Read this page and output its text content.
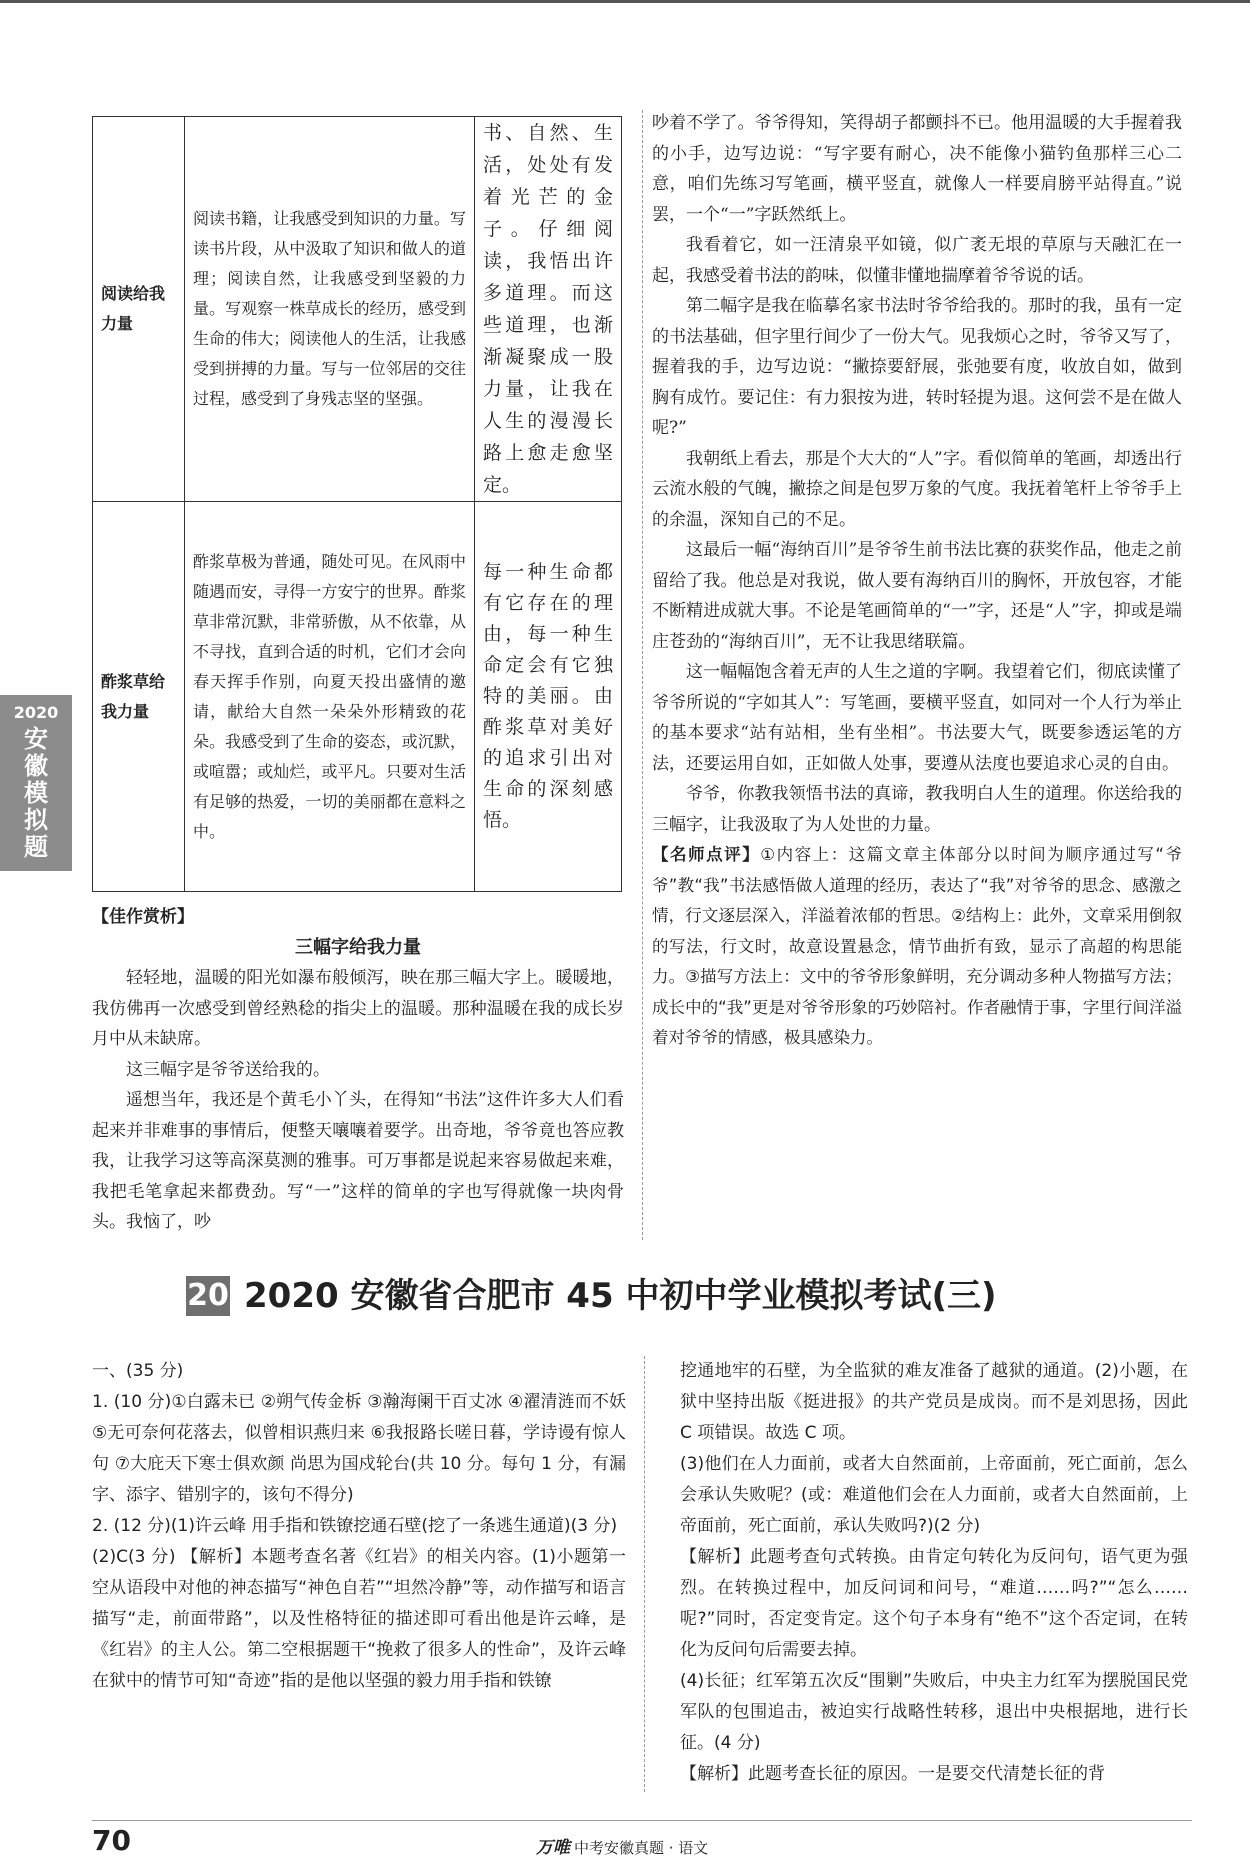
2020
安徽模拟题
阅读给我力量	阅读书籍，让我感受到知识的力量。写读书片段，从中汲取了知识和做人的道理；阅读自然，让我感受到坚毅的力量。写观察一株草成长的经历，感受到生命的伟大；阅读他人的生活，让我感受到拼搏的力量。写与一位邻居的交往过程，感受到了身残志坚的坚强。	书、自然、生活，处处有发着光芒的金子。仔细阅读，我悟出许多道理。而这些道理，也渐渐凝聚成一股力量，让我在人生的漫漫长路上愈走愈坚定。
酢浆草给我力量	酢浆草极为普通，随处可见。在风雨中随遇而安，寻得一方安宁的世界。酢浆草非常沉默，非常骄傲，从不依靠，从不寻找，直到合适的时机，它们才会向春天挥手作别，向夏天投出盛情的邀请，献给大自然一朵朵外形精致的花朵。我感受到了生命的姿态，或沉默，或喧嚣；或灿烂，或平凡。只要对生活有足够的热爱，一切的美丽都在意料之中。	每一种生命都有它存在的理由，每一种生命定会有它独特的美丽。由酢浆草对美好的追求引出对生命的深刻感悟。
【佳作赏析】
三幅字给我力量

轻轻地，温暖的阳光如瀑布般倾泻，映在那三幅大字上。暖暖地，我仿佛再一次感受到曾经熟稔的指尖上的温暖。那种温暖在我的成长岁月中从未缺席。

这三幅字是爷爷送给我的。

遥想当年，我还是个黄毛小丫头，在得知“书法”这件许多大人们看起来并非难事的事情后，便整天嚷嚷着要学。出奇地，爷爷竟也答应教我，让我学习这等高深莫测的雅事。可万事都是说起来容易做起来难，我把毛笔拿起来都费劲。写“一”这样的简单的字也写得就像一块肉骨头。我恼了，吵

吵着不学了。爷爷得知，笑得胡子都颤抖不已。他用温暖的大手握着我的小手，边写边说：“写字要有耐心，决不能像小猫钓鱼那样三心二意，咱们先练习写笔画，横平竖直，就像人一样要肩膀平站得直。”说罢，一个“一”字跃然纸上。

我看着它，如一汪清泉平如镜，似广袤无垠的草原与天融汇在一起，我感受着书法的韵味，似懂非懂地揣摩着爷爷说的话。

第二幅字是我在临摹名家书法时爷爷给我的。那时的我，虽有一定的书法基础，但字里行间少了一份大气。见我烦心之时，爷爷又写了，握着我的手，边写边说：“撇捺要舒展，张弛要有度，收放自如，做到胸有成竹。要记住：有力狠按为进，转时轻提为退。这何尝不是在做人呢?”

我朝纸上看去，那是个大大的“人”字。看似简单的笔画，却透出行云流水般的气魄，撇捺之间是包罗万象的气度。我抚着笔杆上爷爷手上的余温，深知自己的不足。

这最后一幅“海纳百川”是爷爷生前书法比赛的获奖作品，他走之前留给了我。他总是对我说，做人要有海纳百川的胸怀，开放包容，才能不断精进成就大事。不论是笔画简单的“一”字，还是“人”字，抑或是端庄苍劲的“海纳百川”，无不让我思绪联篇。

这一幅幅饱含着无声的人生之道的字啊。我望着它们，彻底读懂了爷爷所说的“字如其人”：写笔画，要横平竖直，如同对一个人行为举止的基本要求“站有站相，坐有坐相”。书法要大气，既要参透运笔的方法，还要运用自如，正如做人处事，要遵从法度也要追求心灵的自由。

爷爷，你教我领悟书法的真谛，教我明白人生的道理。你送给我的三幅字，让我汲取了为人处世的力量。

【名师点评】①内容上：这篇文章主体部分以时间为顺序通过写“爷爷”教“我”书法感悟做人道理的经历，表达了“我”对爷爷的思念、感激之情，行文逐层深入，洋溢着浓郁的哲思。②结构上：此外，文章采用倒叙的写法，行文时，故意设置悬念，情节曲折有致，显示了高超的构思能力。③描写方法上：文中的爷爷形象鲜明，充分调动多种人物描写方法；成长中的“我”更是对爷爷形象的巧妙陪衬。作者融情于事，字里行间洋溢着对爷爷的情感，极具感染力。

20 2020 安徽省合肥市 45 中初中学业模拟考试(三)

一、(35 分)

1. (10 分)①白露未已 ②朔气传金柝 ③瀚海阑干百丈冰 ④濯清涟而不妖 ⑤无可奈何花落去，似曾相识燕归来 ⑥我报路长嗟日暮，学诗谩有惊人句 ⑦大庇天下寒士俱欢颜 尚思为国戍轮台(共 10 分。每句 1 分，有漏字、添字、错别字的，该句不得分)

2. (12 分)(1)许云峰 用手指和铁镣挖通石壁(挖了一条逃生通道)(3 分)

(2)C(3 分) 【解析】本题考查名著《红岩》的相关内容。(1)小题第一空从语段中对他的神态描写“神色自若”“坦然冷静”等，动作描写和语言描写“走，前面带路”，以及性格特征的描述即可看出他是许云峰，是《红岩》的主人公。第二空根据题干“挽救了很多人的性命”，及许云峰在狱中的情节可知“奇迹”指的是他以坚强的毅力用手指和铁镣

挖通地牢的石壁，为全监狱的难友准备了越狱的通道。(2)小题，在狱中坚持出版《挺进报》的共产党员是成岗。而不是刘思扬，因此 C 项错误。故选 C 项。

(3)他们在人力面前，或者大自然面前，上帝面前，死亡面前，怎么会承认失败呢？(或：难道他们会在人力面前，或者大自然面前，上帝面前，死亡面前，承认失败吗?)(2 分)

【解析】此题考查句式转换。由肯定句转化为反问句，语气更为强烈。在转换过程中，加反问词和问号，“难道……吗?”“怎么……呢?”同时，否定变肯定。这个句子本身有“绝不”这个否定词，在转化为反问句后需要去掉。

(4)长征；红军第五次反“围剿”失败后，中央主力红军为摆脱国民党军队的包围追击，被迫实行战略性转移，退出中央根据地，进行长征。(4 分)

【解析】此题考查长征的原因。一是要交代清楚长征的背

70	万唯 中考安徽真题 · 语文
